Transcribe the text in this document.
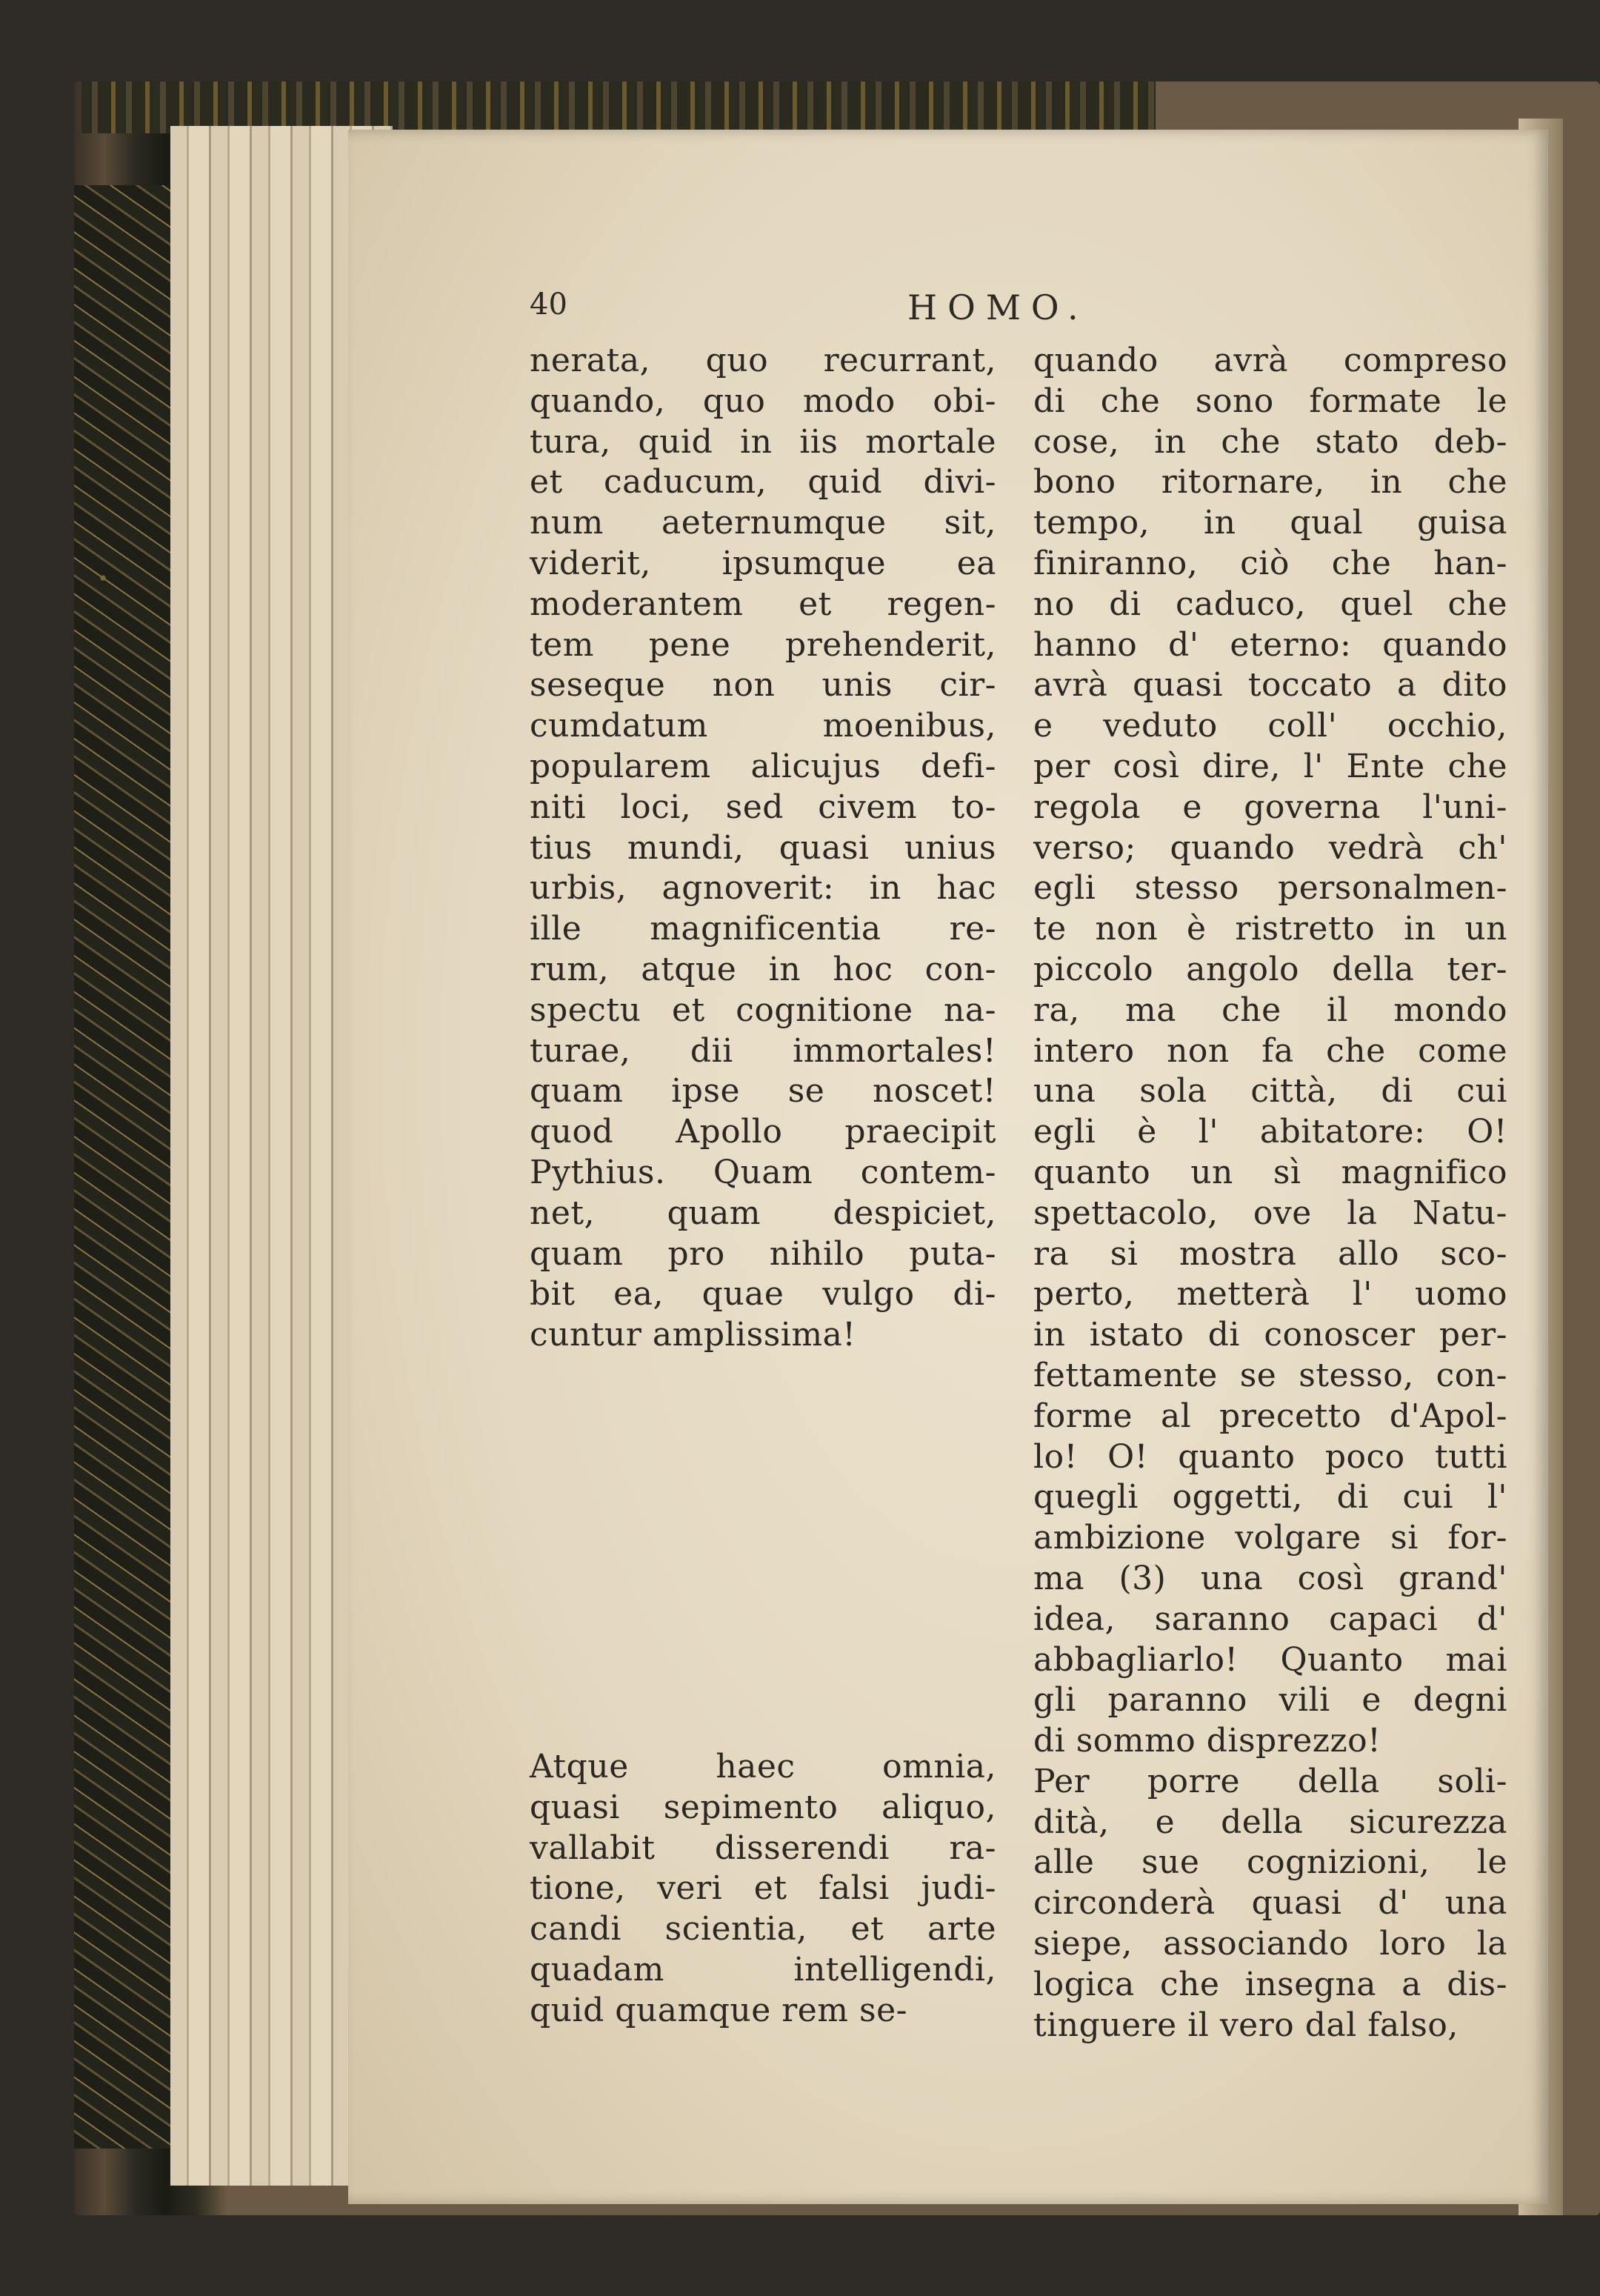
40	HOMO.
nerata, quo recurrant,
quando, quo modo obi-
tura, quid in iis mortale
et caducum, quid divi-
num aeternumque sit,
viderit, ipsumque ea
moderantem et regen-
tem pene prehenderit,
seseque non unis cir-
cumdatum moenibus,
popularem alicujus defi-
niti loci, sed civem to-
tius mundi, quasi unius
urbis, agnoverit: in hac
ille magnificentia re-
rum, atque in hoc con-
spectu et cognitione na-
turae, dii immortales!
quam ipse se noscet!
quod Apollo praecipit
Pythius. Quam contem-
net, quam despiciet,
quam pro nihilo puta-
bit ea, quae vulgo di-
cuntur amplissima!
Atque haec omnia,
quasi sepimento aliquo,
vallabit disserendi ra-
tione, veri et falsi judi-
candi scientia, et arte
quadam intelligendi,
quid quamque rem se-
quando avrà compreso
di che sono formate le
cose, in che stato deb-
bono ritornare, in che
tempo, in qual guisa
finiranno, ciò che han-
no di caduco, quel che
hanno d' eterno: quando
avrà quasi toccato a dito
e veduto coll' occhio,
per così dire, l' Ente che
regola e governa l'uni-
verso; quando vedrà ch'
egli stesso personalmen-
te non è ristretto in un
piccolo angolo della ter-
ra, ma che il mondo
intero non fa che come
una sola città, di cui
egli è l' abitatore: O!
quanto un sì magnifico
spettacolo, ove la Natu-
ra si mostra allo sco-
perto, metterà l' uomo
in istato di conoscer per-
fettamente se stesso, con-
forme al precetto d'Apol-
lo! O! quanto poco tutti
quegli oggetti, di cui l'
ambizione volgare si for-
ma (3) una così grand'
idea, saranno capaci d'
abbagliarlo! Quanto mai
gli paranno vili e degni
di sommo disprezzo!
Per porre della soli-
dità, e della sicurezza
alle sue cognizioni, le
circonderà quasi d' una
siepe, associando loro la
logica che insegna a dis-
tinguere il vero dal falso,
